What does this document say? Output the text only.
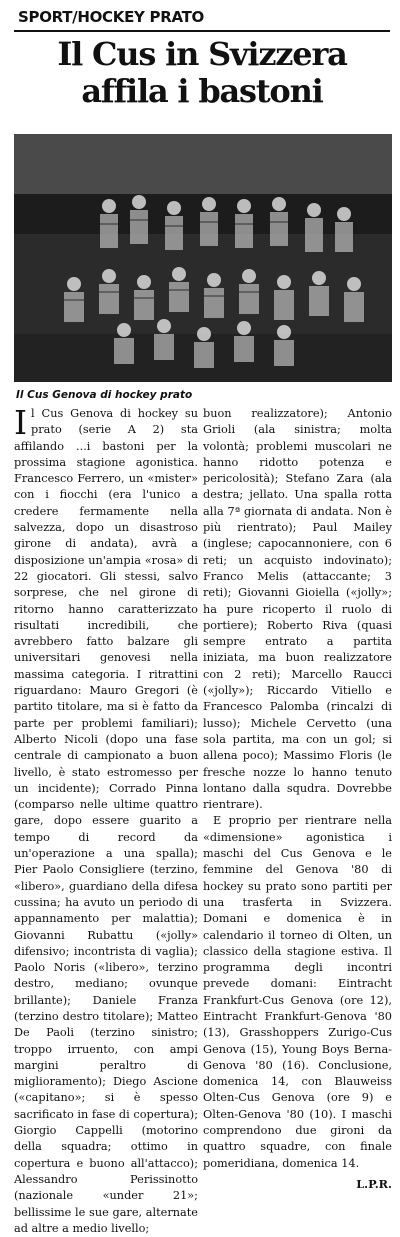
SPORT/HOCKEY PRATO
Il Cus in Svizzera affila i bastoni
Il Cus Genova di hockey prato

Il Cus Genova di hockey su prato (serie A 2) sta affilando ...i bastoni per la prossima stagione agonistica. Francesco Ferrero, un «mister» con i fiocchi (era l'unico a credere fermamente nella salvezza, dopo un disastroso girone di andata), avrà a disposizione un'ampia «rosa» di 22 giocatori. Gli stessi, salvo sorprese, che nel girone di ritorno hanno caratterizzato risultati incredibili, che avrebbero fatto balzare gli universitari genovesi nella massima categoria. I ritrattini riguardano: Mauro Gregori (è partito titolare, ma si è fatto da parte per problemi familiari); Alberto Nicoli (dopo una fase centrale di campionato a buon livello, è stato estromesso per un incidente); Corrado Pinna (comparso nelle ultime quattro gare, dopo essere guarito a tempo di record da un'operazione a una spalla); Pier Paolo Consigliere (terzino, «libero», guardiano della difesa cussina; ha avuto un periodo di appannamento per malattia); Giovanni Rubattu («jolly» difensivo; incontrista di vaglia); Paolo Noris («libero», terzino destro, mediano; ovunque brillante); Daniele Franza (terzino destro titolare); Matteo De Paoli (terzino sinistro; troppo irruento, con ampi margini peraltro di miglioramento); Diego Ascione («capitano»; si è spesso sacrificato in fase di copertura); Giorgio Cappelli (motorino della squadra; ottimo in copertura e buono all'attacco); Alessandro Perissinotto (nazionale «under 21»; bellissime le sue gare, alternate ad altre a medio livello;

buon realizzatore); Antonio Grioli (ala sinistra; molta volontà; problemi muscolari ne hanno ridotto potenza e pericolosità); Stefano Zara (ala destra; jellato. Una spalla rotta alla 7ª giornata di andata. Non è più rientrato); Paul Mailey (inglese; capocannoniere, con 6 reti; un acquisto indovinato); Franco Melis (attaccante; 3 reti); Giovanni Gioiella («jolly»; ha pure ricoperto il ruolo di portiere); Roberto Riva (quasi sempre entrato a partita iniziata, ma buon realizzatore con 2 reti); Marcello Raucci («jolly»); Riccardo Vitiello e Francesco Palomba (rincalzi di lusso); Michele Cervetto (una sola partita, ma con un gol; si allena poco); Massimo Floris (le fresche nozze lo hanno tenuto lontano dalla squdra. Dovrebbe rientrare).

E proprio per rientrare nella «dimensione» agonistica i maschi del Cus Genova e le femmine del Genova '80 di hockey su prato sono partiti per una trasferta in Svizzera. Domani e domenica è in calendario il torneo di Olten, un classico della stagione estiva. Il programma degli incontri prevede domani: Eintracht Frankfurt-Cus Genova (ore 12), Eintracht Frankfurt-Genova '80 (13), Grasshoppers Zurigo-Cus Genova (15), Young Boys Berna-Genova '80 (16). Conclusione, domenica 14, con Blauweiss Olten-Cus Genova (ore 9) e Olten-Genova '80 (10). I maschi comprendono due gironi da quattro squadre, con finale pomeridiana, domenica 14.

L.P.R.
